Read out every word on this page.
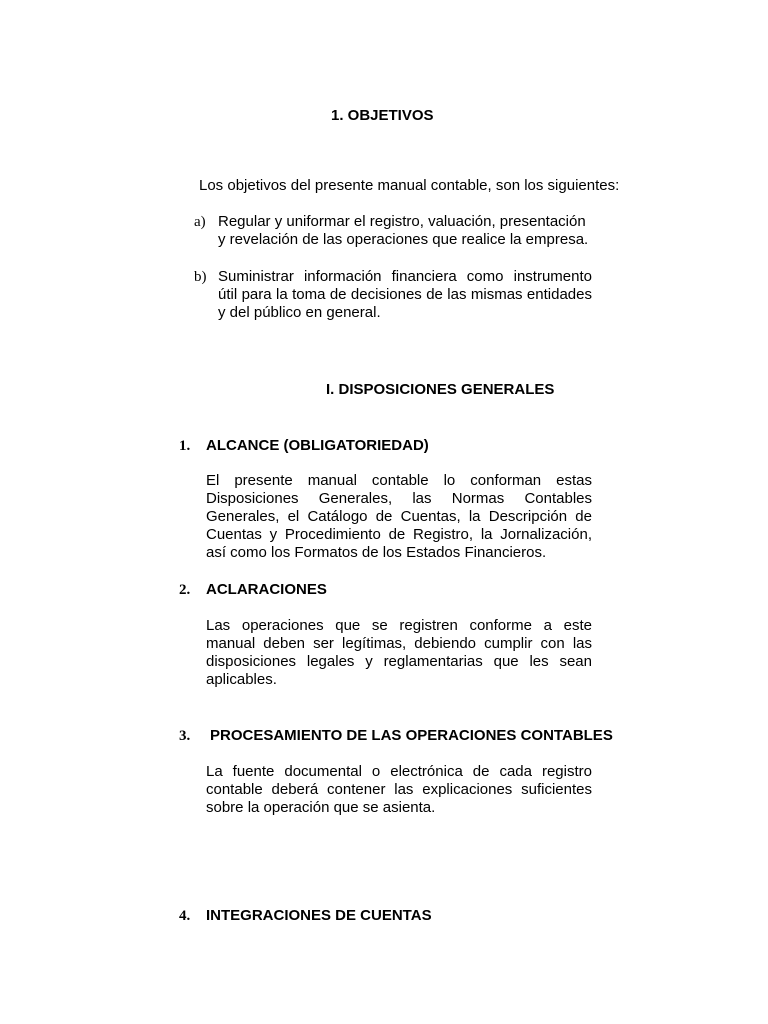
1. OBJETIVOS
Los objetivos del presente manual contable, son los siguientes:
a) Regular y uniformar el registro, valuación, presentación
y revelación de las operaciones que realice la empresa.
b) Suministrar información financiera como instrumento
útil para la toma de decisiones de las mismas entidades
y del público en general.
I. DISPOSICIONES GENERALES
1. ALCANCE (OBLIGATORIEDAD)
El presente manual contable lo conforman estas
Disposiciones Generales, las Normas Contables
Generales, el Catálogo de Cuentas, la Descripción de
Cuentas y Procedimiento de Registro, la Jornalización,
así como los Formatos de los Estados Financieros.
2. ACLARACIONES
Las operaciones que se registren conforme a este
manual deben ser legítimas, debiendo cumplir con las
disposiciones legales y reglamentarias que les sean
aplicables.
3. PROCESAMIENTO DE LAS OPERACIONES CONTABLES
La fuente documental o electrónica de cada registro
contable deberá contener las explicaciones suficientes
sobre la operación que se asienta.
4. INTEGRACIONES DE CUENTAS
